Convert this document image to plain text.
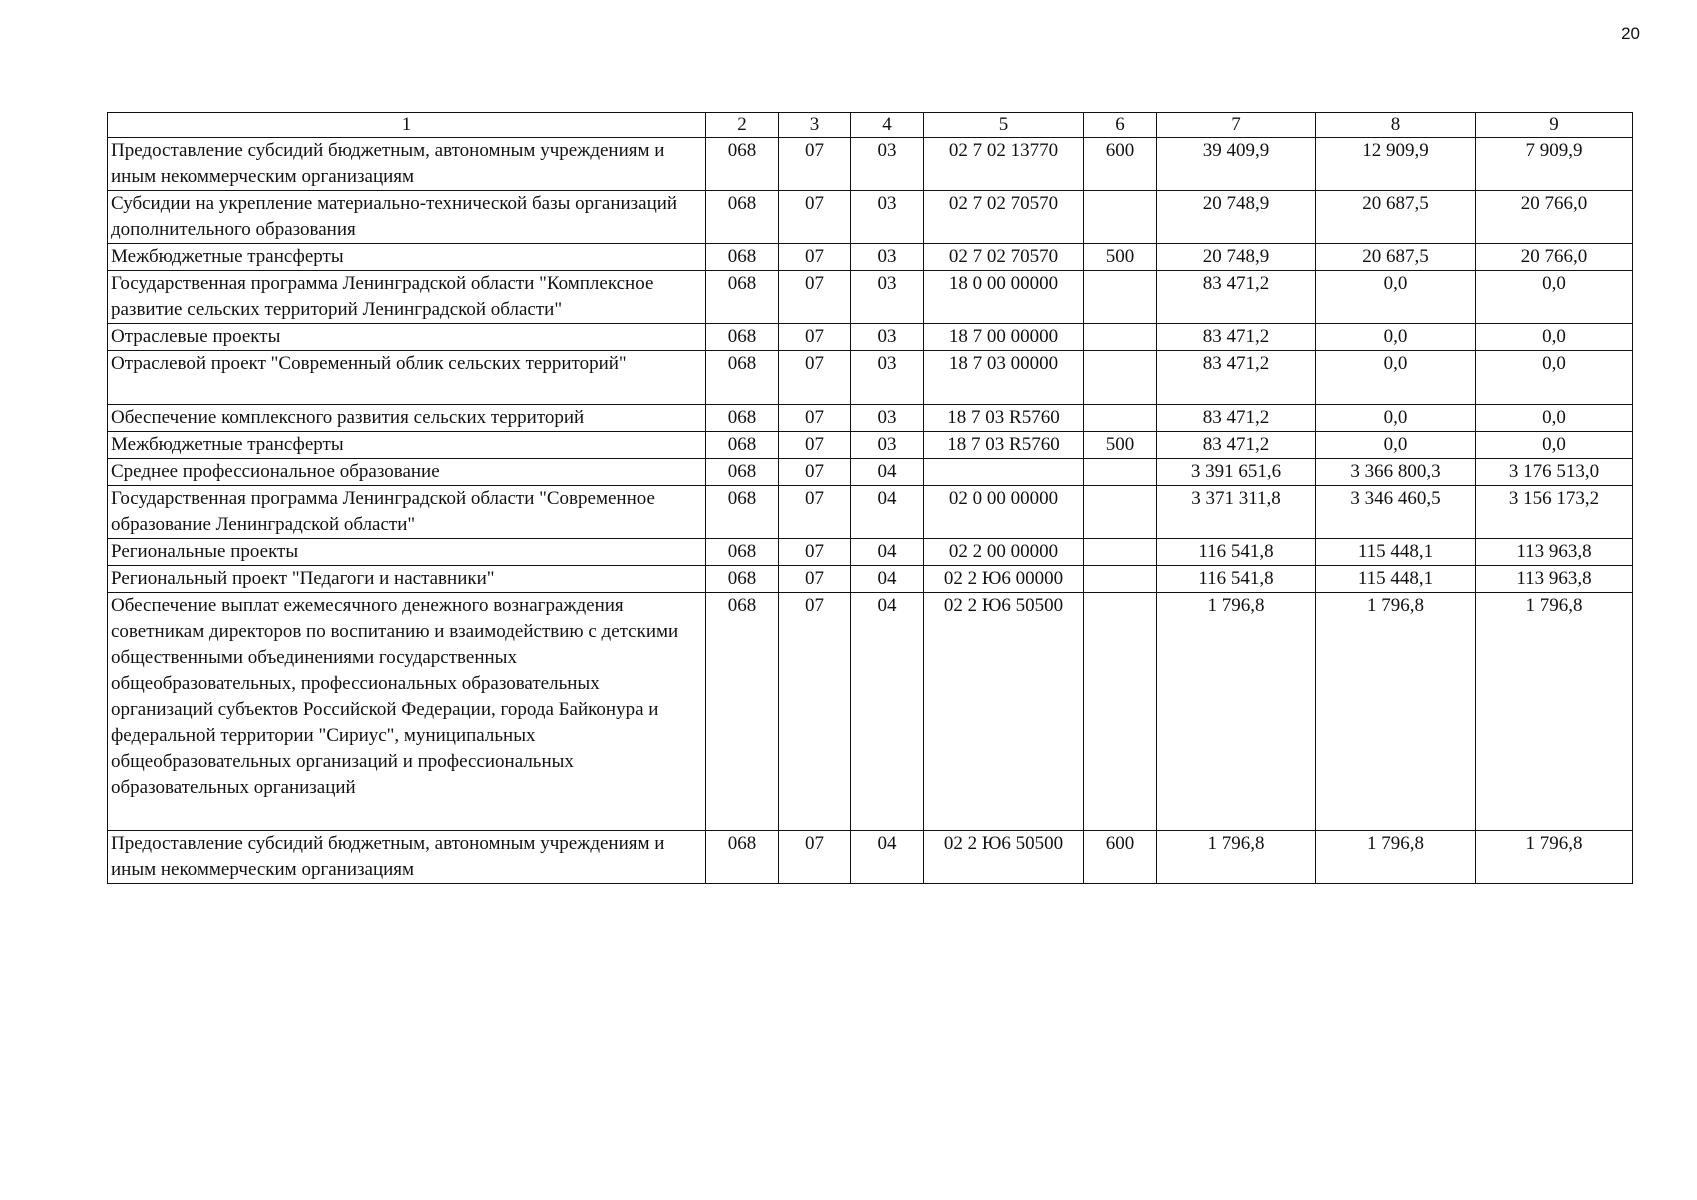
20
1	2	3	4	5	6	7	8	9
Предоставление субсидий бюджетным, автономным учреждениям и иным некоммерческим организациям	068	07	03	02 7 02 13770	600	39 409,9	12 909,9	7 909,9
Субсидии на укрепление материально-технической базы организаций дополнительного образования	068	07	03	02 7 02 70570		20 748,9	20 687,5	20 766,0
Межбюджетные трансферты	068	07	03	02 7 02 70570	500	20 748,9	20 687,5	20 766,0
Государственная программа Ленинградской области "Комплексное развитие сельских территорий Ленинградской области"	068	07	03	18 0 00 00000		83 471,2	0,0	0,0
Отраслевые проекты	068	07	03	18 7 00 00000		83 471,2	0,0	0,0
Отраслевой проект "Современный облик сельских территорий"	068	07	03	18 7 03 00000		83 471,2	0,0	0,0
Обеспечение комплексного развития сельских территорий	068	07	03	18 7 03 R5760		83 471,2	0,0	0,0
Межбюджетные трансферты	068	07	03	18 7 03 R5760	500	83 471,2	0,0	0,0
Среднее профессиональное образование	068	07	04			3 391 651,6	3 366 800,3	3 176 513,0
Государственная программа Ленинградской области "Современное образование Ленинградской области"	068	07	04	02 0 00 00000		3 371 311,8	3 346 460,5	3 156 173,2
Региональные проекты	068	07	04	02 2 00 00000		116 541,8	115 448,1	113 963,8
Региональный проект "Педагоги и наставники"	068	07	04	02 2 Ю6 00000		116 541,8	115 448,1	113 963,8
Обеспечение выплат ежемесячного денежного вознаграждения советникам директоров по воспитанию и взаимодействию с детскими общественными объединениями государственных общеобразовательных, профессиональных образовательных организаций субъектов Российской Федерации, города Байконура и федеральной территории "Сириус", муниципальных общеобразовательных организаций и профессиональных образовательных организаций	068	07	04	02 2 Ю6 50500		1 796,8	1 796,8	1 796,8
Предоставление субсидий бюджетным, автономным учреждениям и иным некоммерческим организациям	068	07	04	02 2 Ю6 50500	600	1 796,8	1 796,8	1 796,8
